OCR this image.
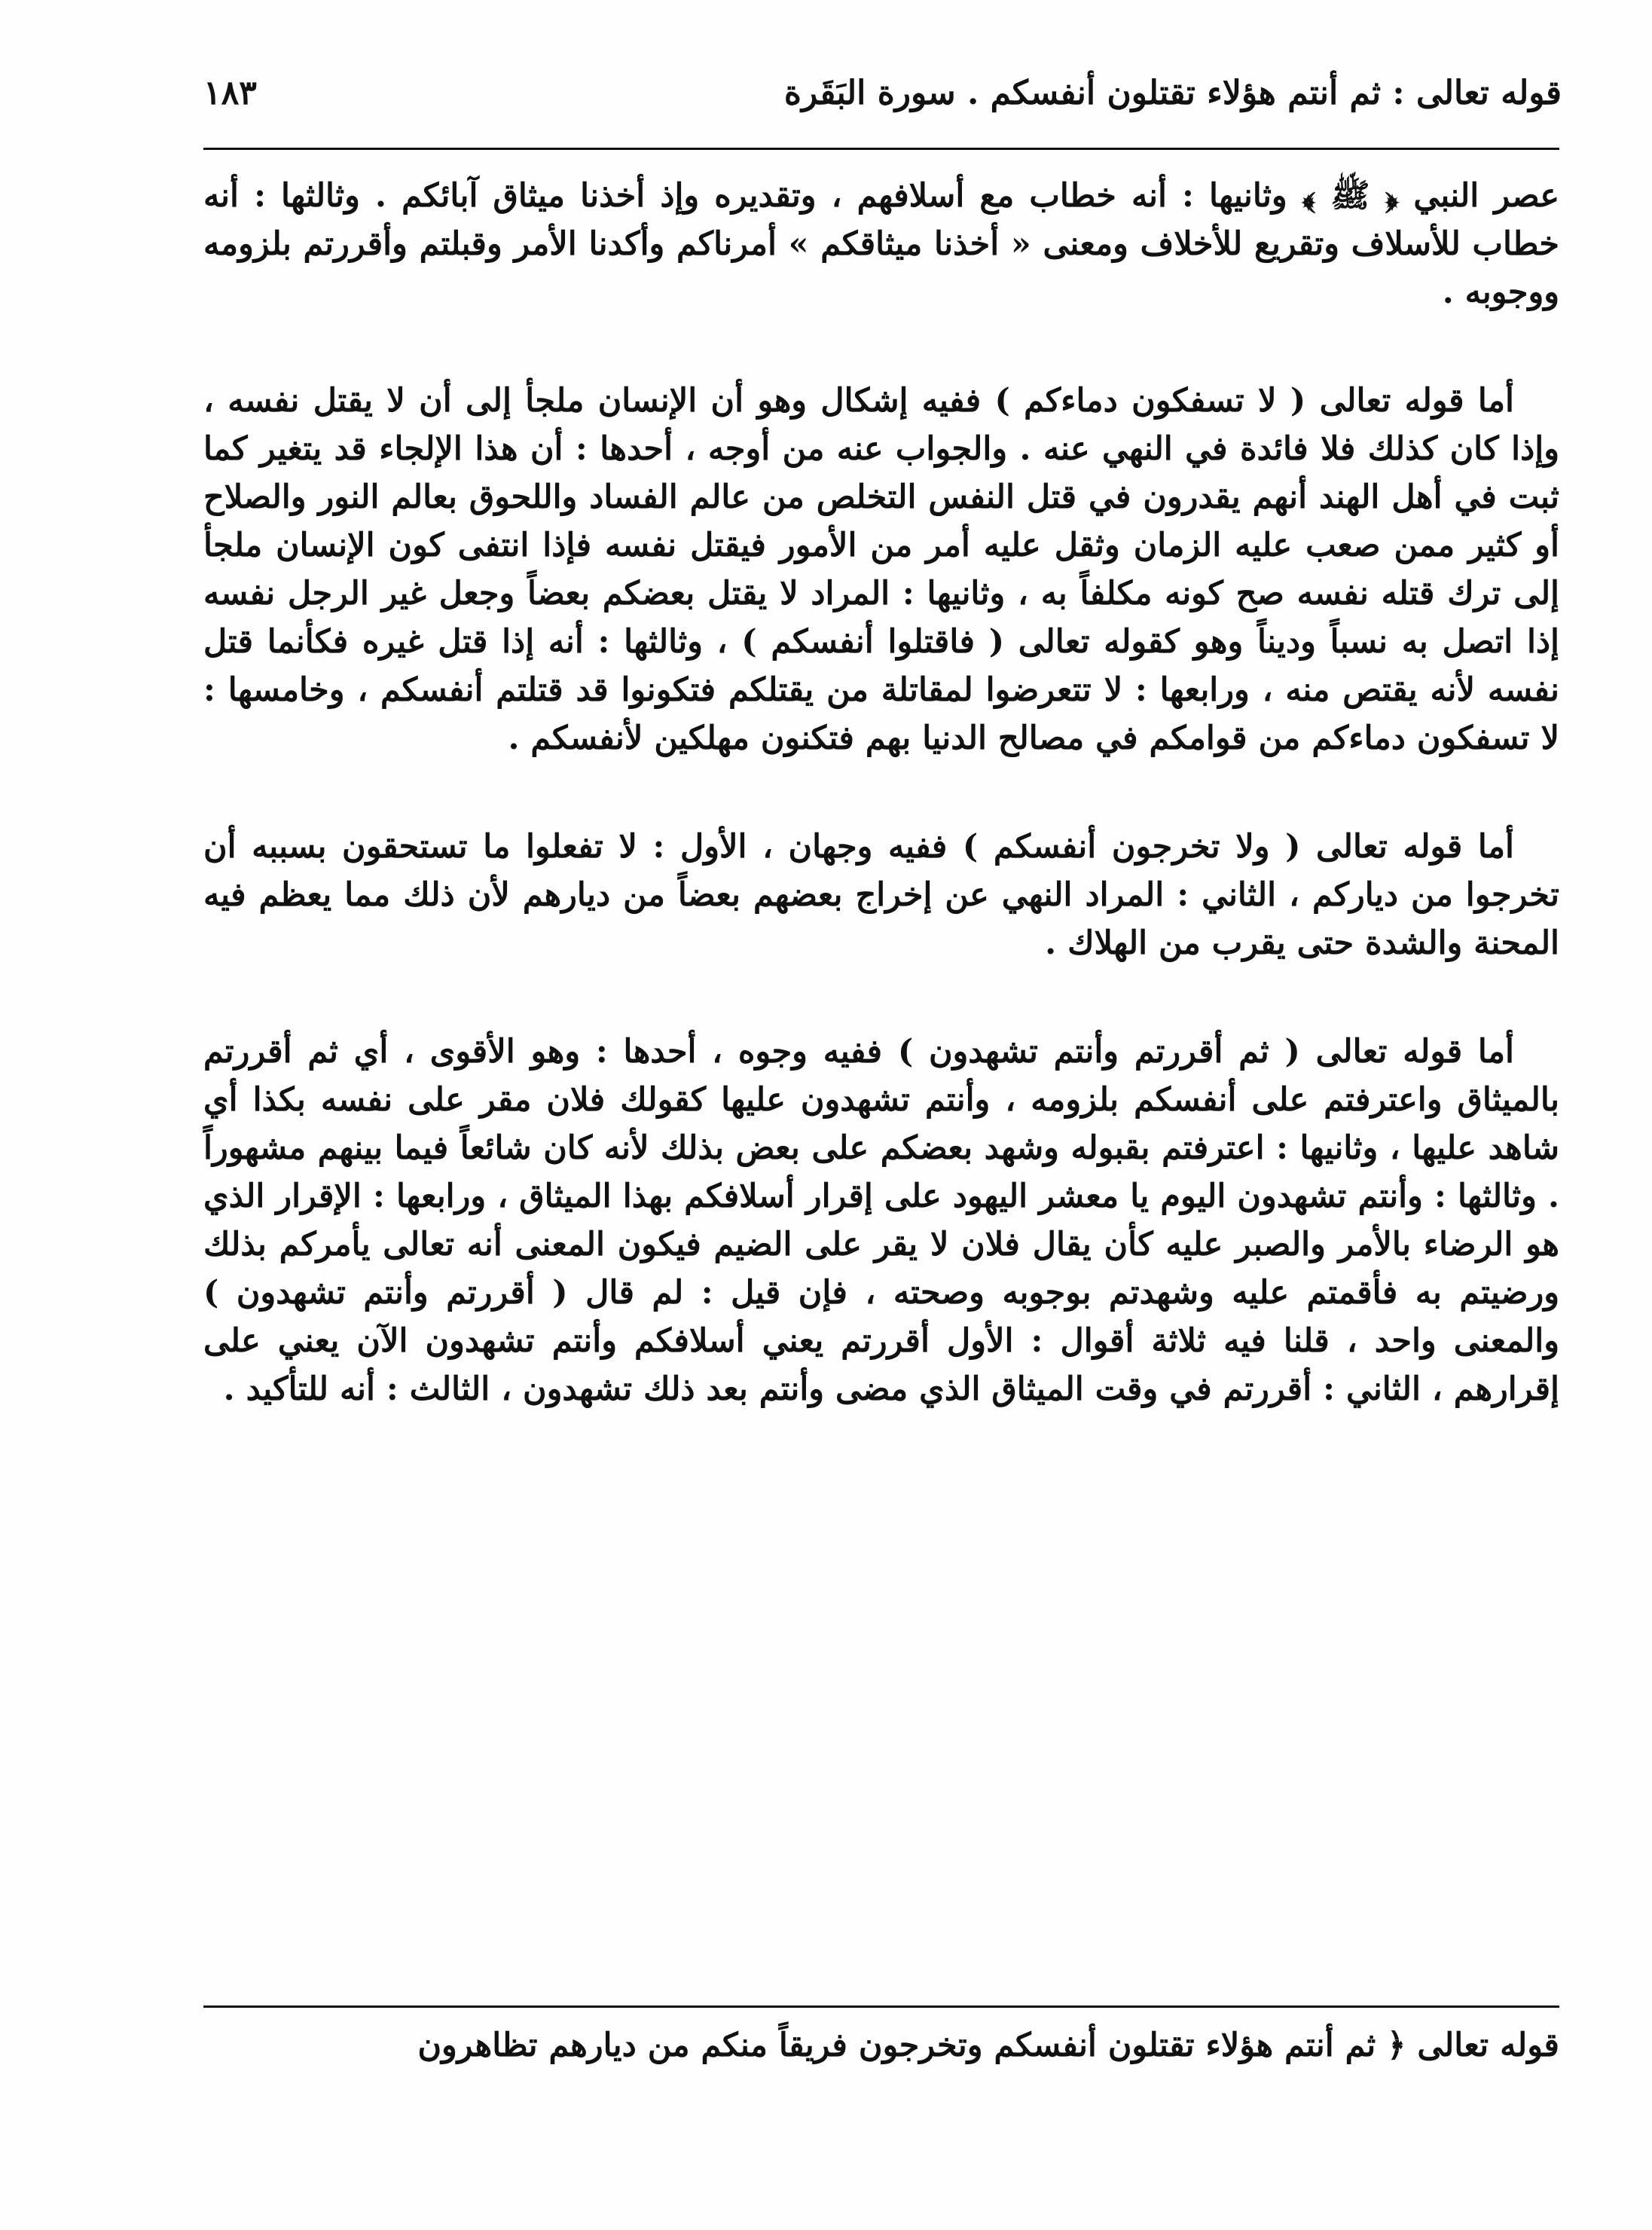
قوله تعالى : ثم أنتم هؤلاء تقتلون أنفسكم . سورة البَقَرة
١٨٣

عصر النبي ﴿ ﷺ ﴾ وثانيها : أنه خطاب مع أسلافهم ، وتقديره وإذ أخذنا ميثاق آبائكم . وثالثها : أنه خطاب للأسلاف وتقريع للأخلاف ومعنى « أخذنا ميثاقكم » أمرناكم وأكدنا الأمر وقبلتم وأقررتم بلزومه ووجوبه .

أما قوله تعالى ( لا تسفكون دماءكم ) ففيه إشكال وهو أن الإنسان ملجأ إلى أن لا يقتل نفسه ، وإذا كان كذلك فلا فائدة في النهي عنه . والجواب عنه من أوجه ، أحدها : أن هذا الإلجاء قد يتغير كما ثبت في أهل الهند أنهم يقدرون في قتل النفس التخلص من عالم الفساد واللحوق بعالم النور والصلاح أو كثير ممن صعب عليه الزمان وثقل عليه أمر من الأمور فيقتل نفسه فإذا انتفى كون الإنسان ملجأ إلى ترك قتله نفسه صح كونه مكلفاً به ، وثانيها : المراد لا يقتل بعضكم بعضاً وجعل غير الرجل نفسه إذا اتصل به نسباً وديناً وهو كقوله تعالى ( فاقتلوا أنفسكم ) ، وثالثها : أنه إذا قتل غيره فكأنما قتل نفسه لأنه يقتص منه ، ورابعها : لا تتعرضوا لمقاتلة من يقتلكم فتكونوا قد قتلتم أنفسكم ، وخامسها : لا تسفكون دماءكم من قوامكم في مصالح الدنيا بهم فتكنون مهلكين لأنفسكم .

أما قوله تعالى ( ولا تخرجون أنفسكم ) ففيه وجهان ، الأول : لا تفعلوا ما تستحقون بسببه أن تخرجوا من دياركم ، الثاني : المراد النهي عن إخراج بعضهم بعضاً من ديارهم لأن ذلك مما يعظم فيه المحنة والشدة حتى يقرب من الهلاك .

أما قوله تعالى ( ثم أقررتم وأنتم تشهدون ) ففيه وجوه ، أحدها : وهو الأقوى ، أي ثم أقررتم بالميثاق واعترفتم على أنفسكم بلزومه ، وأنتم تشهدون عليها كقولك فلان مقر على نفسه بكذا أي شاهد عليها ، وثانيها : اعترفتم بقبوله وشهد بعضكم على بعض بذلك لأنه كان شائعاً فيما بينهم مشهوراً . وثالثها : وأنتم تشهدون اليوم يا معشر اليهود على إقرار أسلافكم بهذا الميثاق ، ورابعها : الإقرار الذي هو الرضاء بالأمر والصبر عليه كأن يقال فلان لا يقر على الضيم فيكون المعنى أنه تعالى يأمركم بذلك ورضيتم به فأقمتم عليه وشهدتم بوجوبه وصحته ، فإن قيل : لم قال ( أقررتم وأنتم تشهدون ) والمعنى واحد ، قلنا فيه ثلاثة أقوال : الأول أقررتم يعني أسلافكم وأنتم تشهدون الآن يعني على إقرارهم ، الثاني : أقررتم في وقت الميثاق الذي مضى وأنتم بعد ذلك تشهدون ، الثالث : أنه للتأكيد .

قوله تعالى ﴿ ثم أنتم هؤلاء تقتلون أنفسكم وتخرجون فريقاً منكم من ديارهم تظاهرون
